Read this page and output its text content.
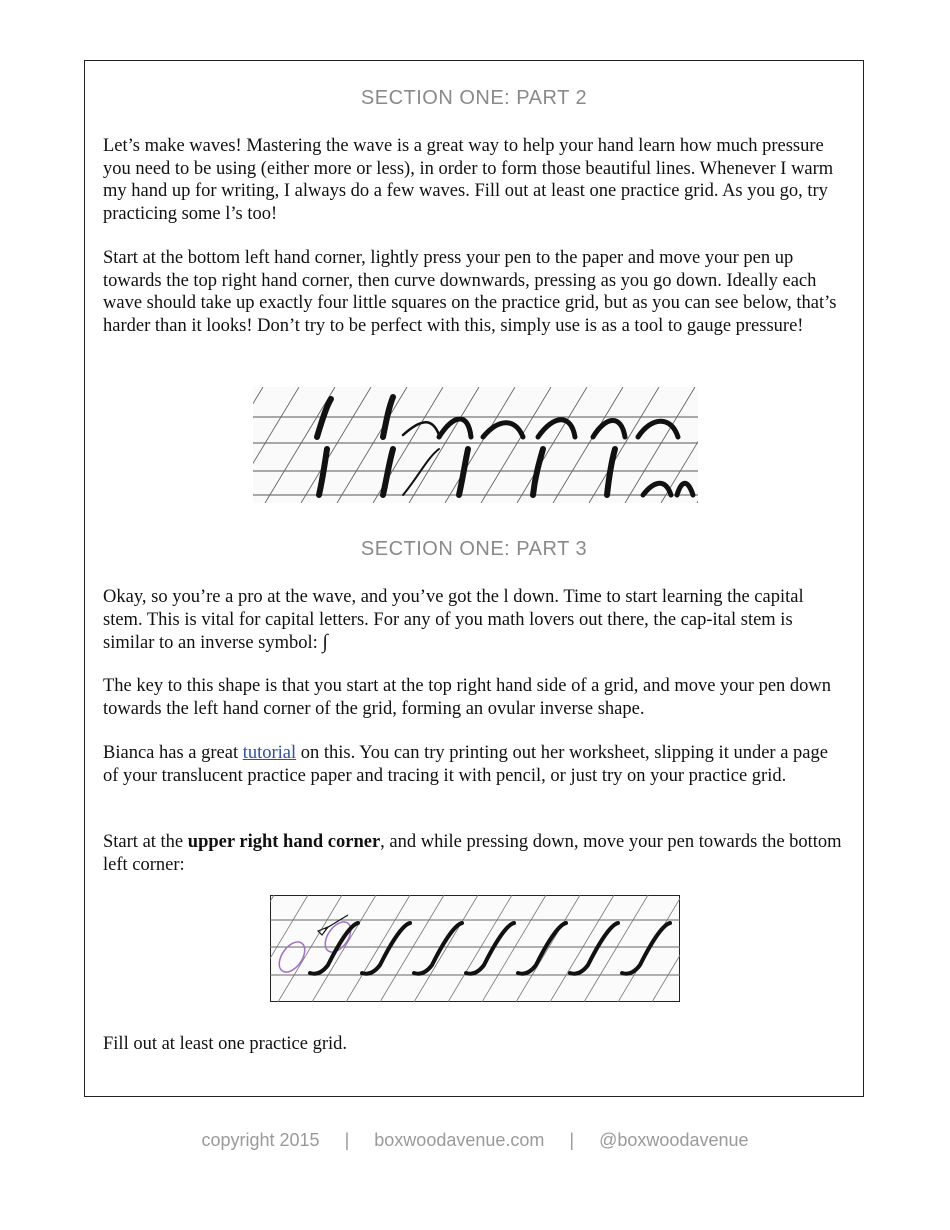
SECTION ONE: PART 2

Let’s make waves! Mastering the wave is a great way to help your hand learn how much pressure you need to be using (either more or less), in order to form those beautiful lines. Whenever I warm my hand up for writing, I always do a few waves. Fill out at least one practice grid. As you go, try practicing some l’s too!

Start at the bottom left hand corner, lightly press your pen to the paper and move your pen up towards the top right hand corner, then curve downwards, pressing as you go down. Ideally each wave should take up exactly four little squares on the practice grid, but as you can see below, that’s harder than it looks! Don’t try to be perfect with this, simply use is as a tool to gauge pressure!

SECTION ONE: PART 3

Okay, so you’re a pro at the wave, and you’ve got the l down. Time to start learning the capital stem. This is vital for capital letters. For any of you math lovers out there, the cap-ital stem is similar to an inverse symbol: ∫

The key to this shape is that you start at the top right hand side of a grid, and move your pen down towards the left hand corner of the grid, forming an ovular inverse shape.

Bianca has a great tutorial on this. You can try printing out her worksheet, slipping it under a page of your translucent practice paper and tracing it with pencil, or just try on your practice grid.

Start at the upper right hand corner, and while pressing down, move your pen towards the bottom left corner:

Fill out at least one practice grid.

copyright 2015 | boxwoodavenue.com | @boxwoodavenue
